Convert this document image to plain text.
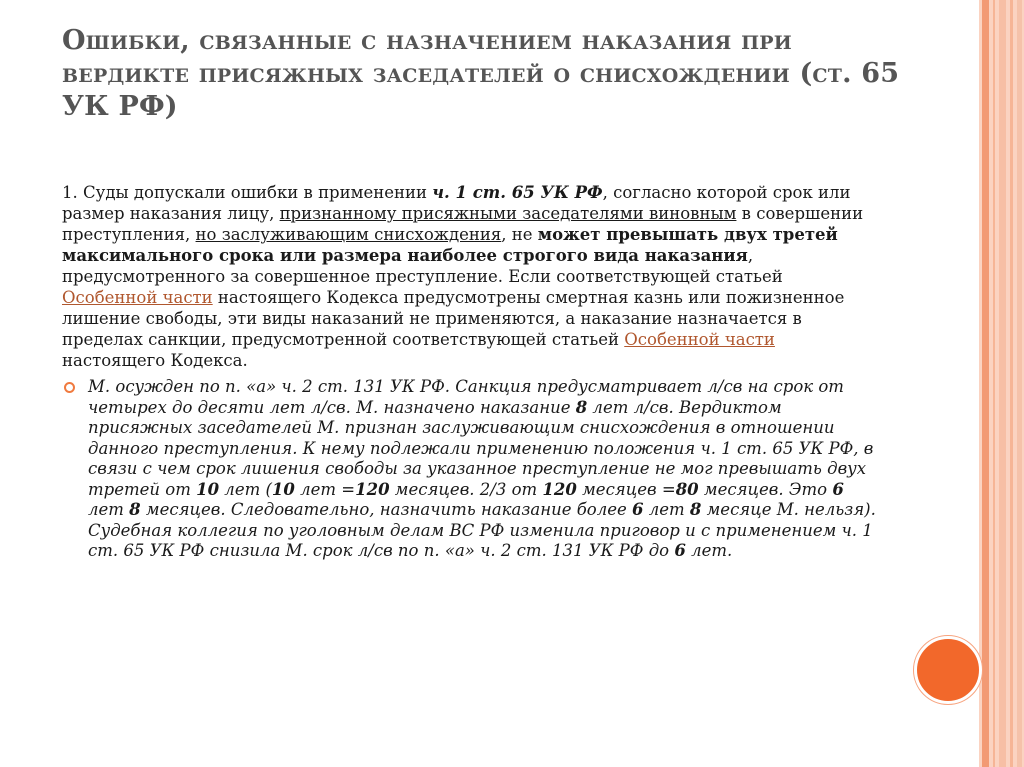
Ошибки, связанные с назначением наказания при вердикте присяжных заседателей о снисхождении (ст. 65 УК РФ)

1. Суды допускали ошибки в применении ч. 1 ст. 65 УК РФ, согласно которой срок или размер наказания лицу, признанному присяжными заседателями виновным в совершении преступления, но заслуживающим снисхождения, не может превышать двух третей максимального срока или размера наиболее строгого вида наказания, предусмотренного за совершенное преступление. Если соответствующей статьей Особенной части настоящего Кодекса предусмотрены смертная казнь или пожизненное лишение свободы, эти виды наказаний не применяются, а наказание назначается в пределах санкции, предусмотренной соответствующей статьей Особенной части настоящего Кодекса.

М. осужден по п. «а» ч. 2 ст. 131 УК РФ. Санкция предусматривает л/св на срок от четырех до десяти лет л/св. М. назначено наказание 8 лет л/св. Вердиктом присяжных заседателей М. признан заслуживающим снисхождения в отношении данного преступления. К нему подлежали применению положения ч. 1 ст. 65 УК РФ, в связи с чем срок лишения свободы за указанное преступление не мог превышать двух третей от 10 лет (10 лет =120 месяцев. 2/3 от 120 месяцев =80 месяцев. Это 6 лет 8 месяцев. Следовательно, назначить наказание более 6 лет 8 месяце М. нельзя). Судебная коллегия по уголовным делам ВС РФ изменила приговор и с применением ч. 1 ст. 65 УК РФ снизила М. срок л/св по п. «а» ч. 2 ст. 131 УК РФ до 6 лет.
